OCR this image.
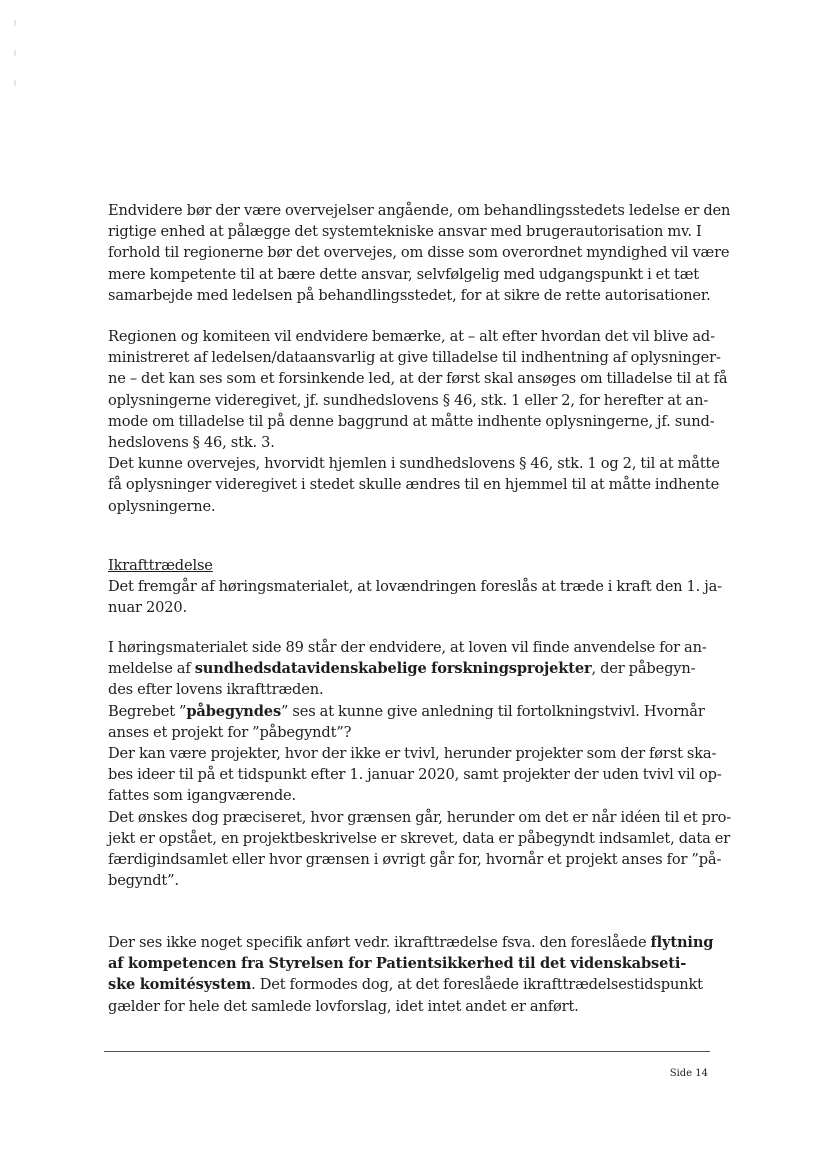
Endvidere bør der være overvejelser angående, om behandlingsstedets ledelse er den
rigtige enhed at pålægge det systemtekniske ansvar med brugerautorisation mv. I
forhold til regionerne bør det overvejes, om disse som overordnet myndighed vil være
mere kompetente til at bære dette ansvar, selvfølgelig med udgangspunkt i et tæt
samarbejde med ledelsen på behandlingsstedet, for at sikre de rette autorisationer.
Regionen og komiteen vil endvidere bemærke, at – alt efter hvordan det vil blive ad-
ministreret af ledelsen/dataansvarlig at give tilladelse til indhentning af oplysninger-
ne – det kan ses som et forsinkende led, at der først skal ansøges om tilladelse til at få
oplysningerne videregivet, jf. sundhedslovens § 46, stk. 1 eller 2, for herefter at an-
mode om tilladelse til på denne baggrund at måtte indhente oplysningerne, jf. sund-
hedslovens § 46, stk. 3.
Det kunne overvejes, hvorvidt hjemlen i sundhedslovens § 46, stk. 1 og 2, til at måtte
få oplysninger videregivet i stedet skulle ændres til en hjemmel til at måtte indhente
oplysningerne.
Ikrafttrædelse
Det fremgår af høringsmaterialet, at lovændringen foreslås at træde i kraft den 1. ja-
nuar 2020.
I høringsmaterialet side 89 står der endvidere, at loven vil finde anvendelse for an-
meldelse af sundhedsdatavidenskabelige forskningsprojekter, der påbegyn-
des efter lovens ikrafttræden.
Begrebet ”påbegyndes” ses at kunne give anledning til fortolkningstvivl. Hvornår
anses et projekt for ”påbegyndt”?
Der kan være projekter, hvor der ikke er tvivl, herunder projekter som der først ska-
bes ideer til på et tidspunkt efter 1. januar 2020, samt projekter der uden tvivl vil op-
fattes som igangværende.
Det ønskes dog præciseret, hvor grænsen går, herunder om det er når idéen til et pro-
jekt er opstået, en projektbeskrivelse er skrevet, data er påbegyndt indsamlet, data er
færdigindsamlet eller hvor grænsen i øvrigt går for, hvornår et projekt anses for ”på-
begyndt”.
Der ses ikke noget specifik anført vedr. ikrafttrædelse fsva. den foreslåede flytning
af kompetencen fra Styrelsen for Patientsikkerhed til det videnskabseti-
ske komitésystem. Det formodes dog, at det foreslåede ikrafttrædelsestidspunkt
gælder for hele det samlede lovforslag, idet intet andet er anført.
Side 14
